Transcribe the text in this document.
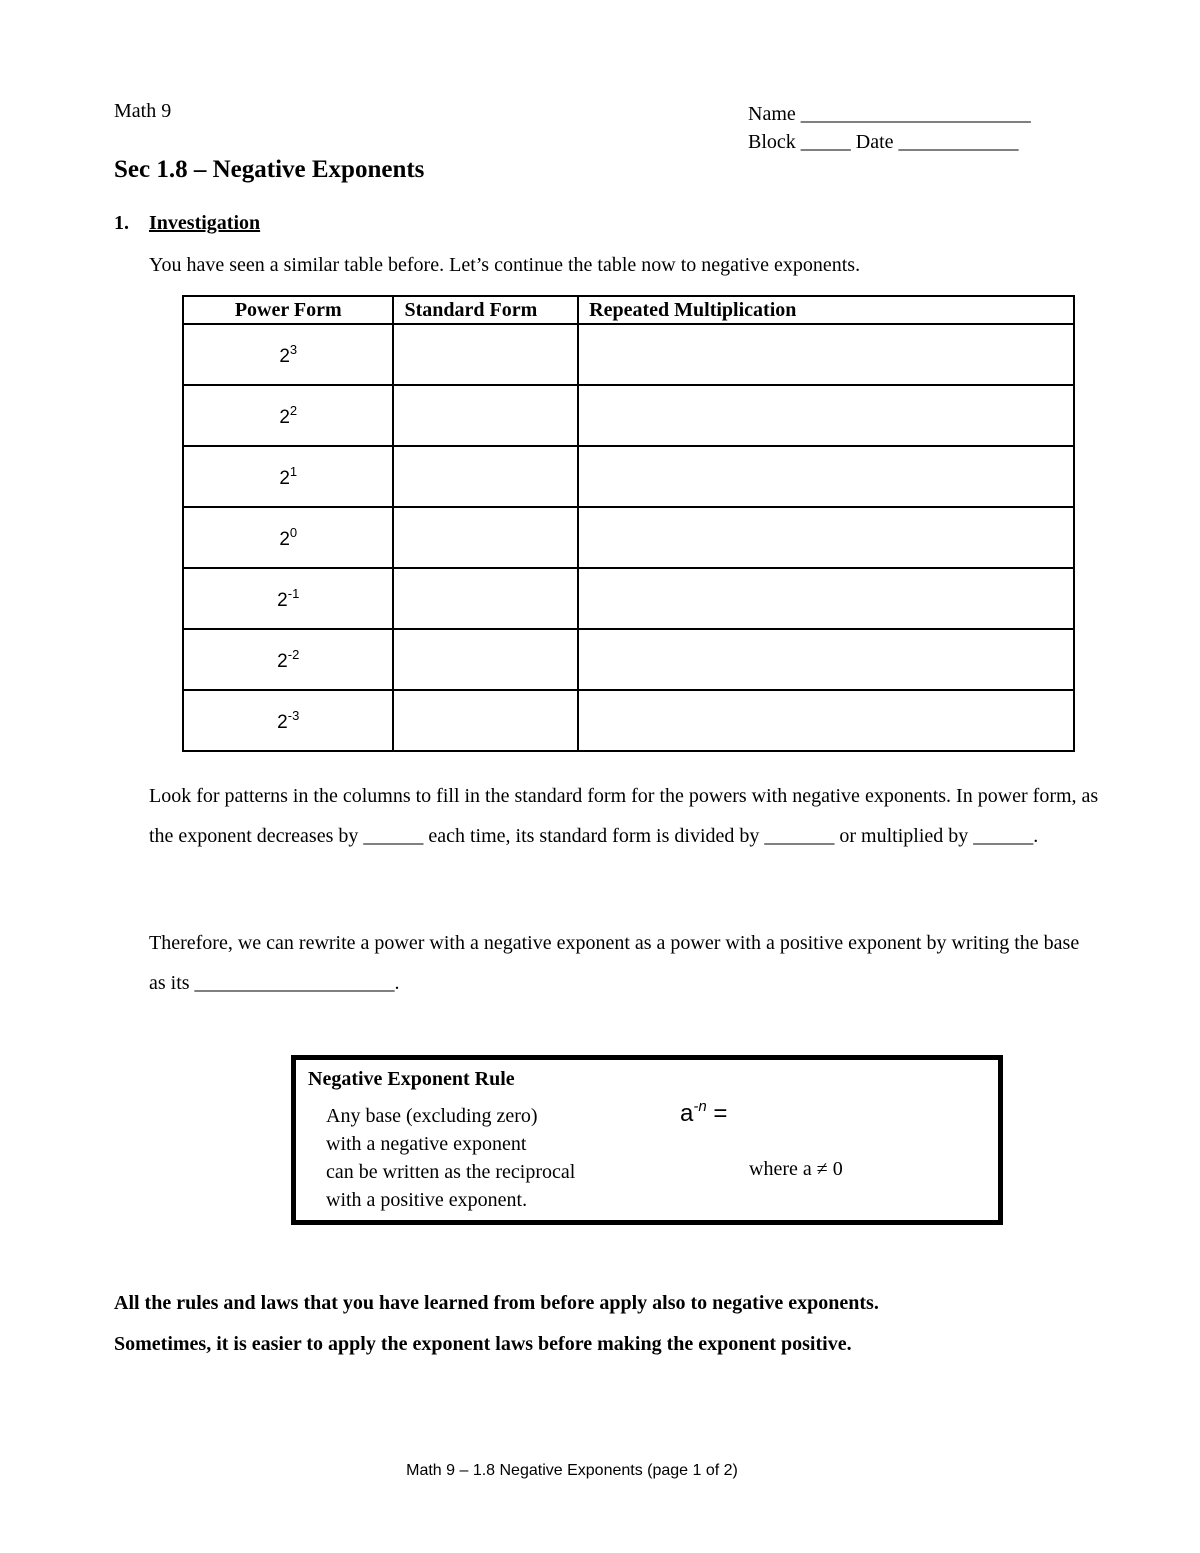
Math 9	Name _______________________
Block _____ Date ____________
Sec 1.8 – Negative Exponents
1. Investigation
You have seen a similar table before. Let’s continue the table now to negative exponents.
Power Form	Standard Form	Repeated Multiplication
$2^3$		
$2^2$		
$2^1$		
$2^0$		
$2^{-1}$		
$2^{-2}$		
$2^{-3}$		
Look for patterns in the columns to fill in the standard form for the powers with negative exponents. In power form, as the exponent decreases by ______ each time, its standard form is divided by _______ or multiplied by ______.
Therefore, we can rewrite a power with a negative exponent as a power with a positive exponent by writing the base as its ____________________.
Negative Exponent Rule
Any base (excluding zero)
with a negative exponent
can be written as the reciprocal
with a positive exponent.
$a^{-n}$ =
where a ≠ 0
All the rules and laws that you have learned from before apply also to negative exponents.
Sometimes, it is easier to apply the exponent laws before making the exponent positive.
Math 9 – 1.8 Negative Exponents (page 1 of 2)
